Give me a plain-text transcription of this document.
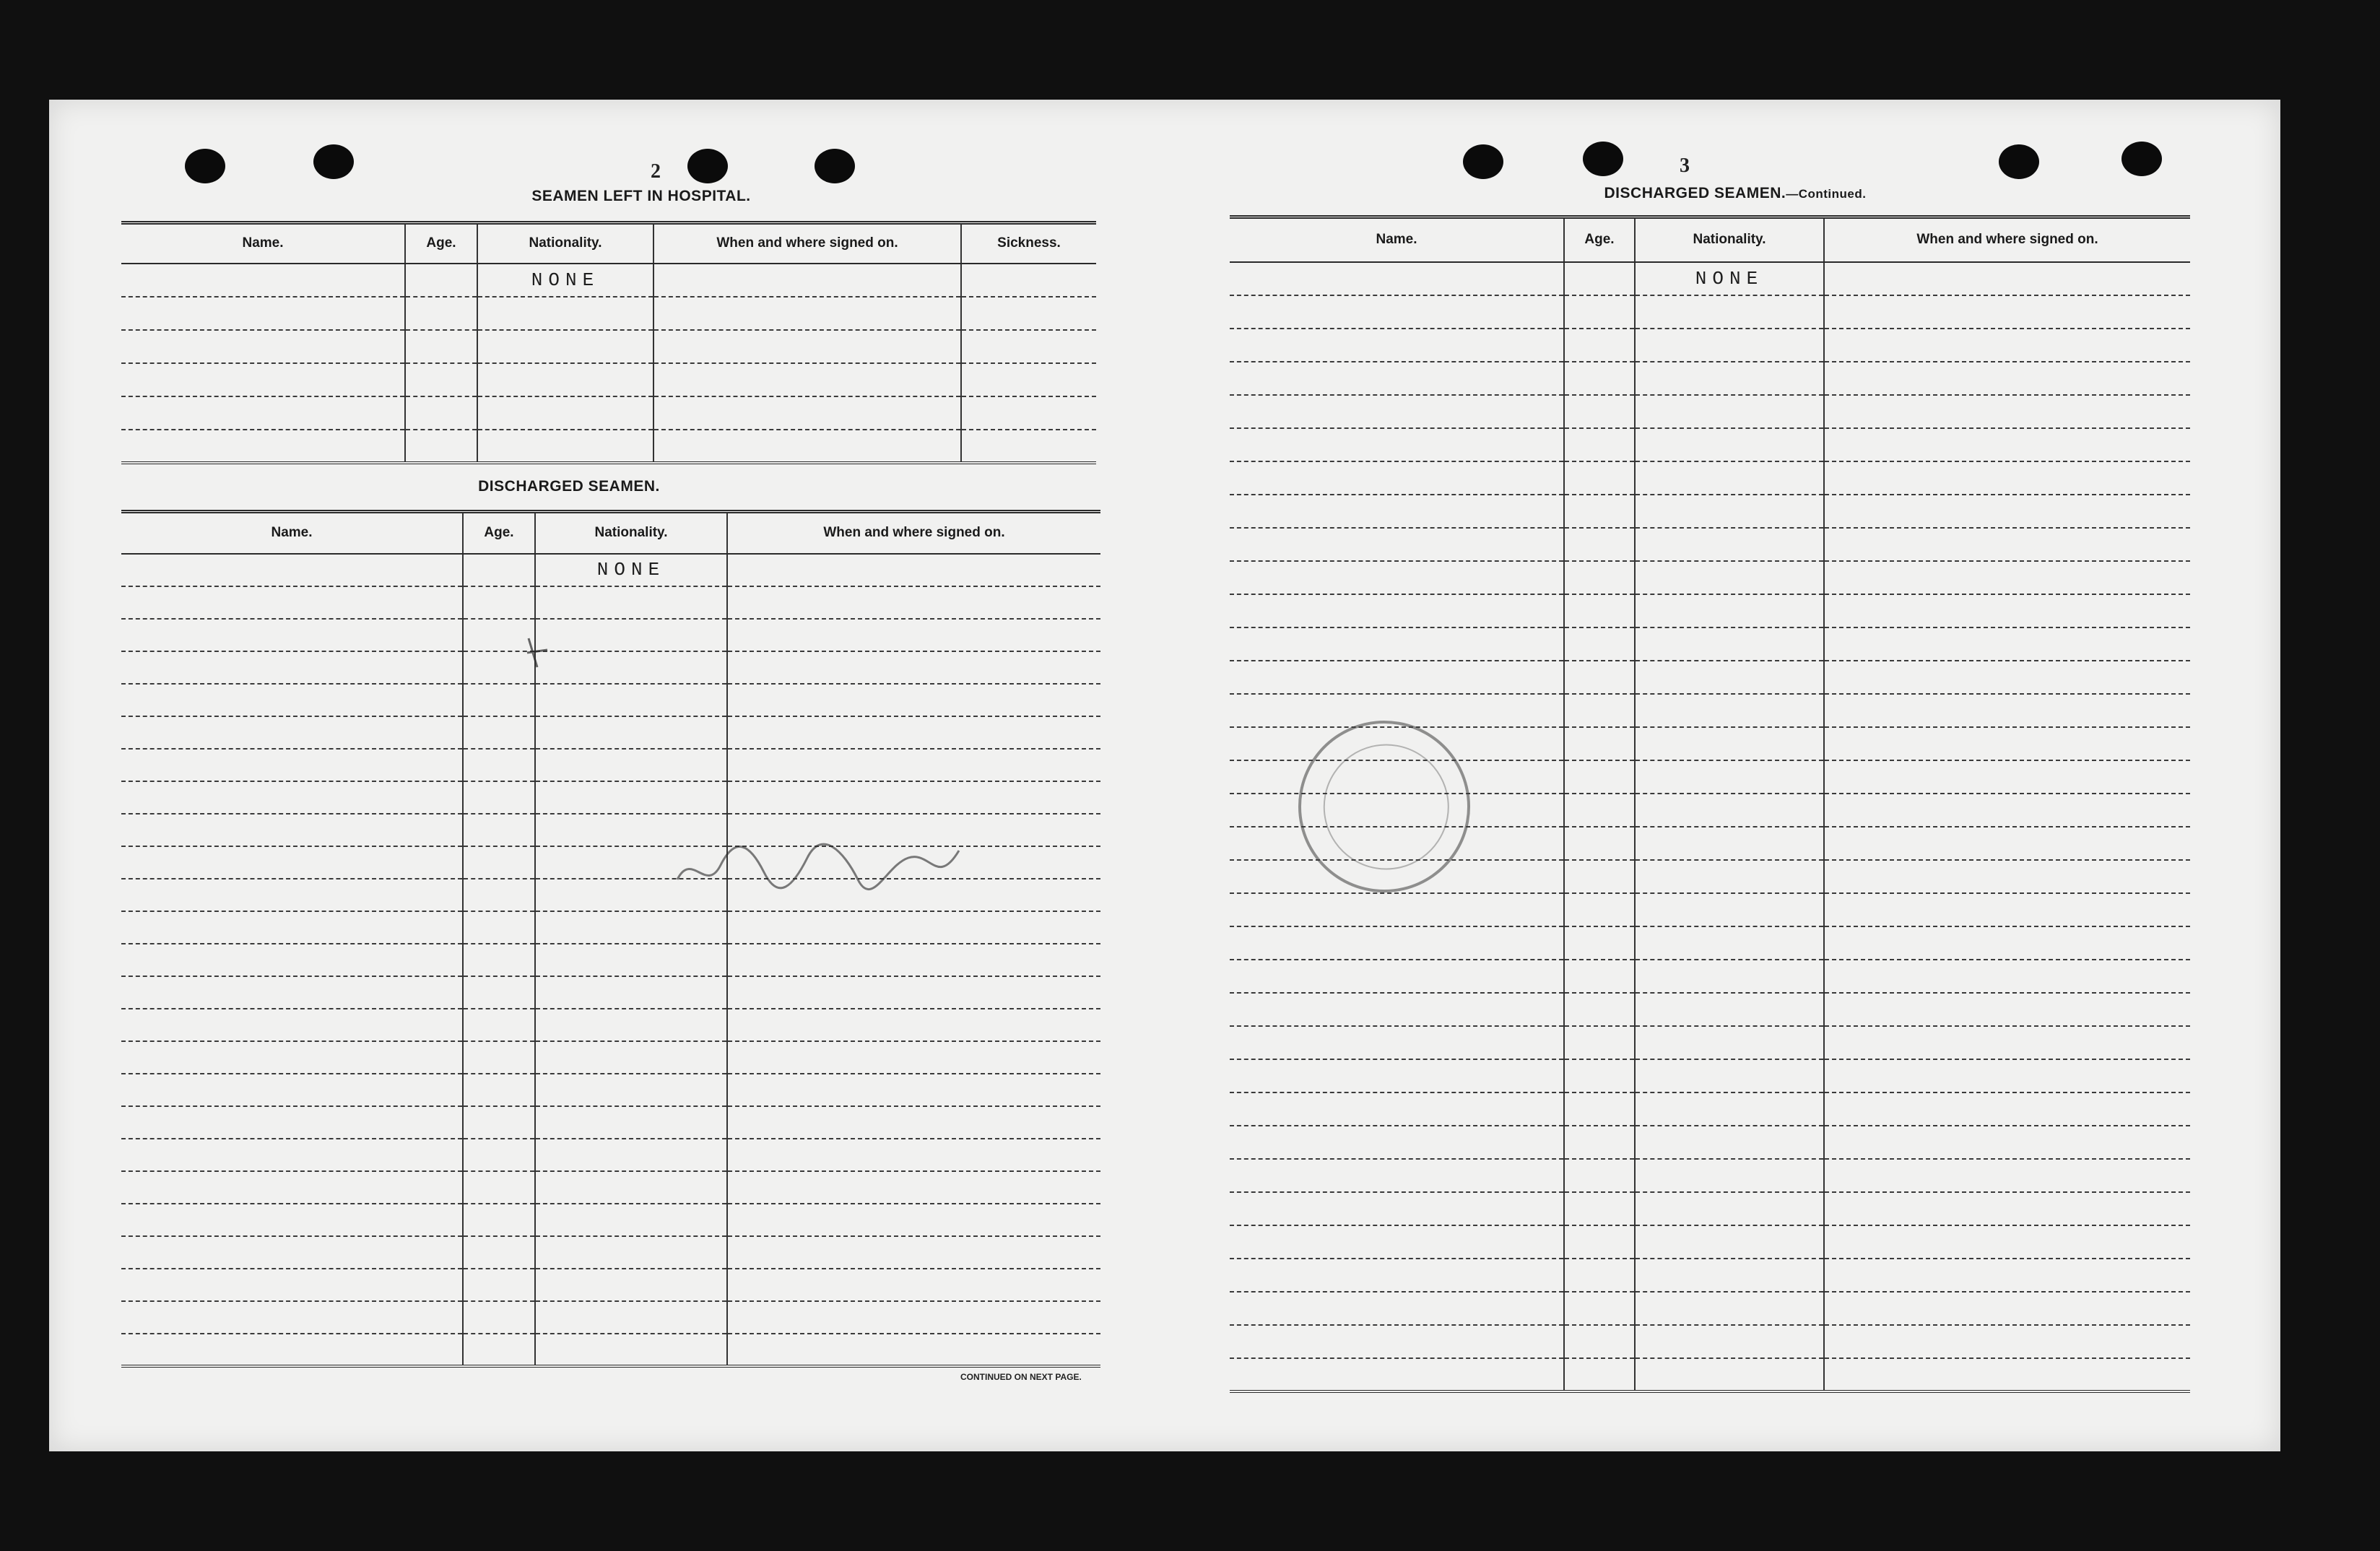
2
SEAMEN LEFT IN HOSPITAL.
Name.	Age.	Nationality.	When and where signed on.	Sickness.
		NONE		

DISCHARGED SEAMEN.
Name.	Age.	Nationality.	When and where signed on.
		NONE	

CONTINUED ON NEXT PAGE.
3
DISCHARGED SEAMEN.—Continued.
Name.	Age.	Nationality.	When and where signed on.
		NONE	
